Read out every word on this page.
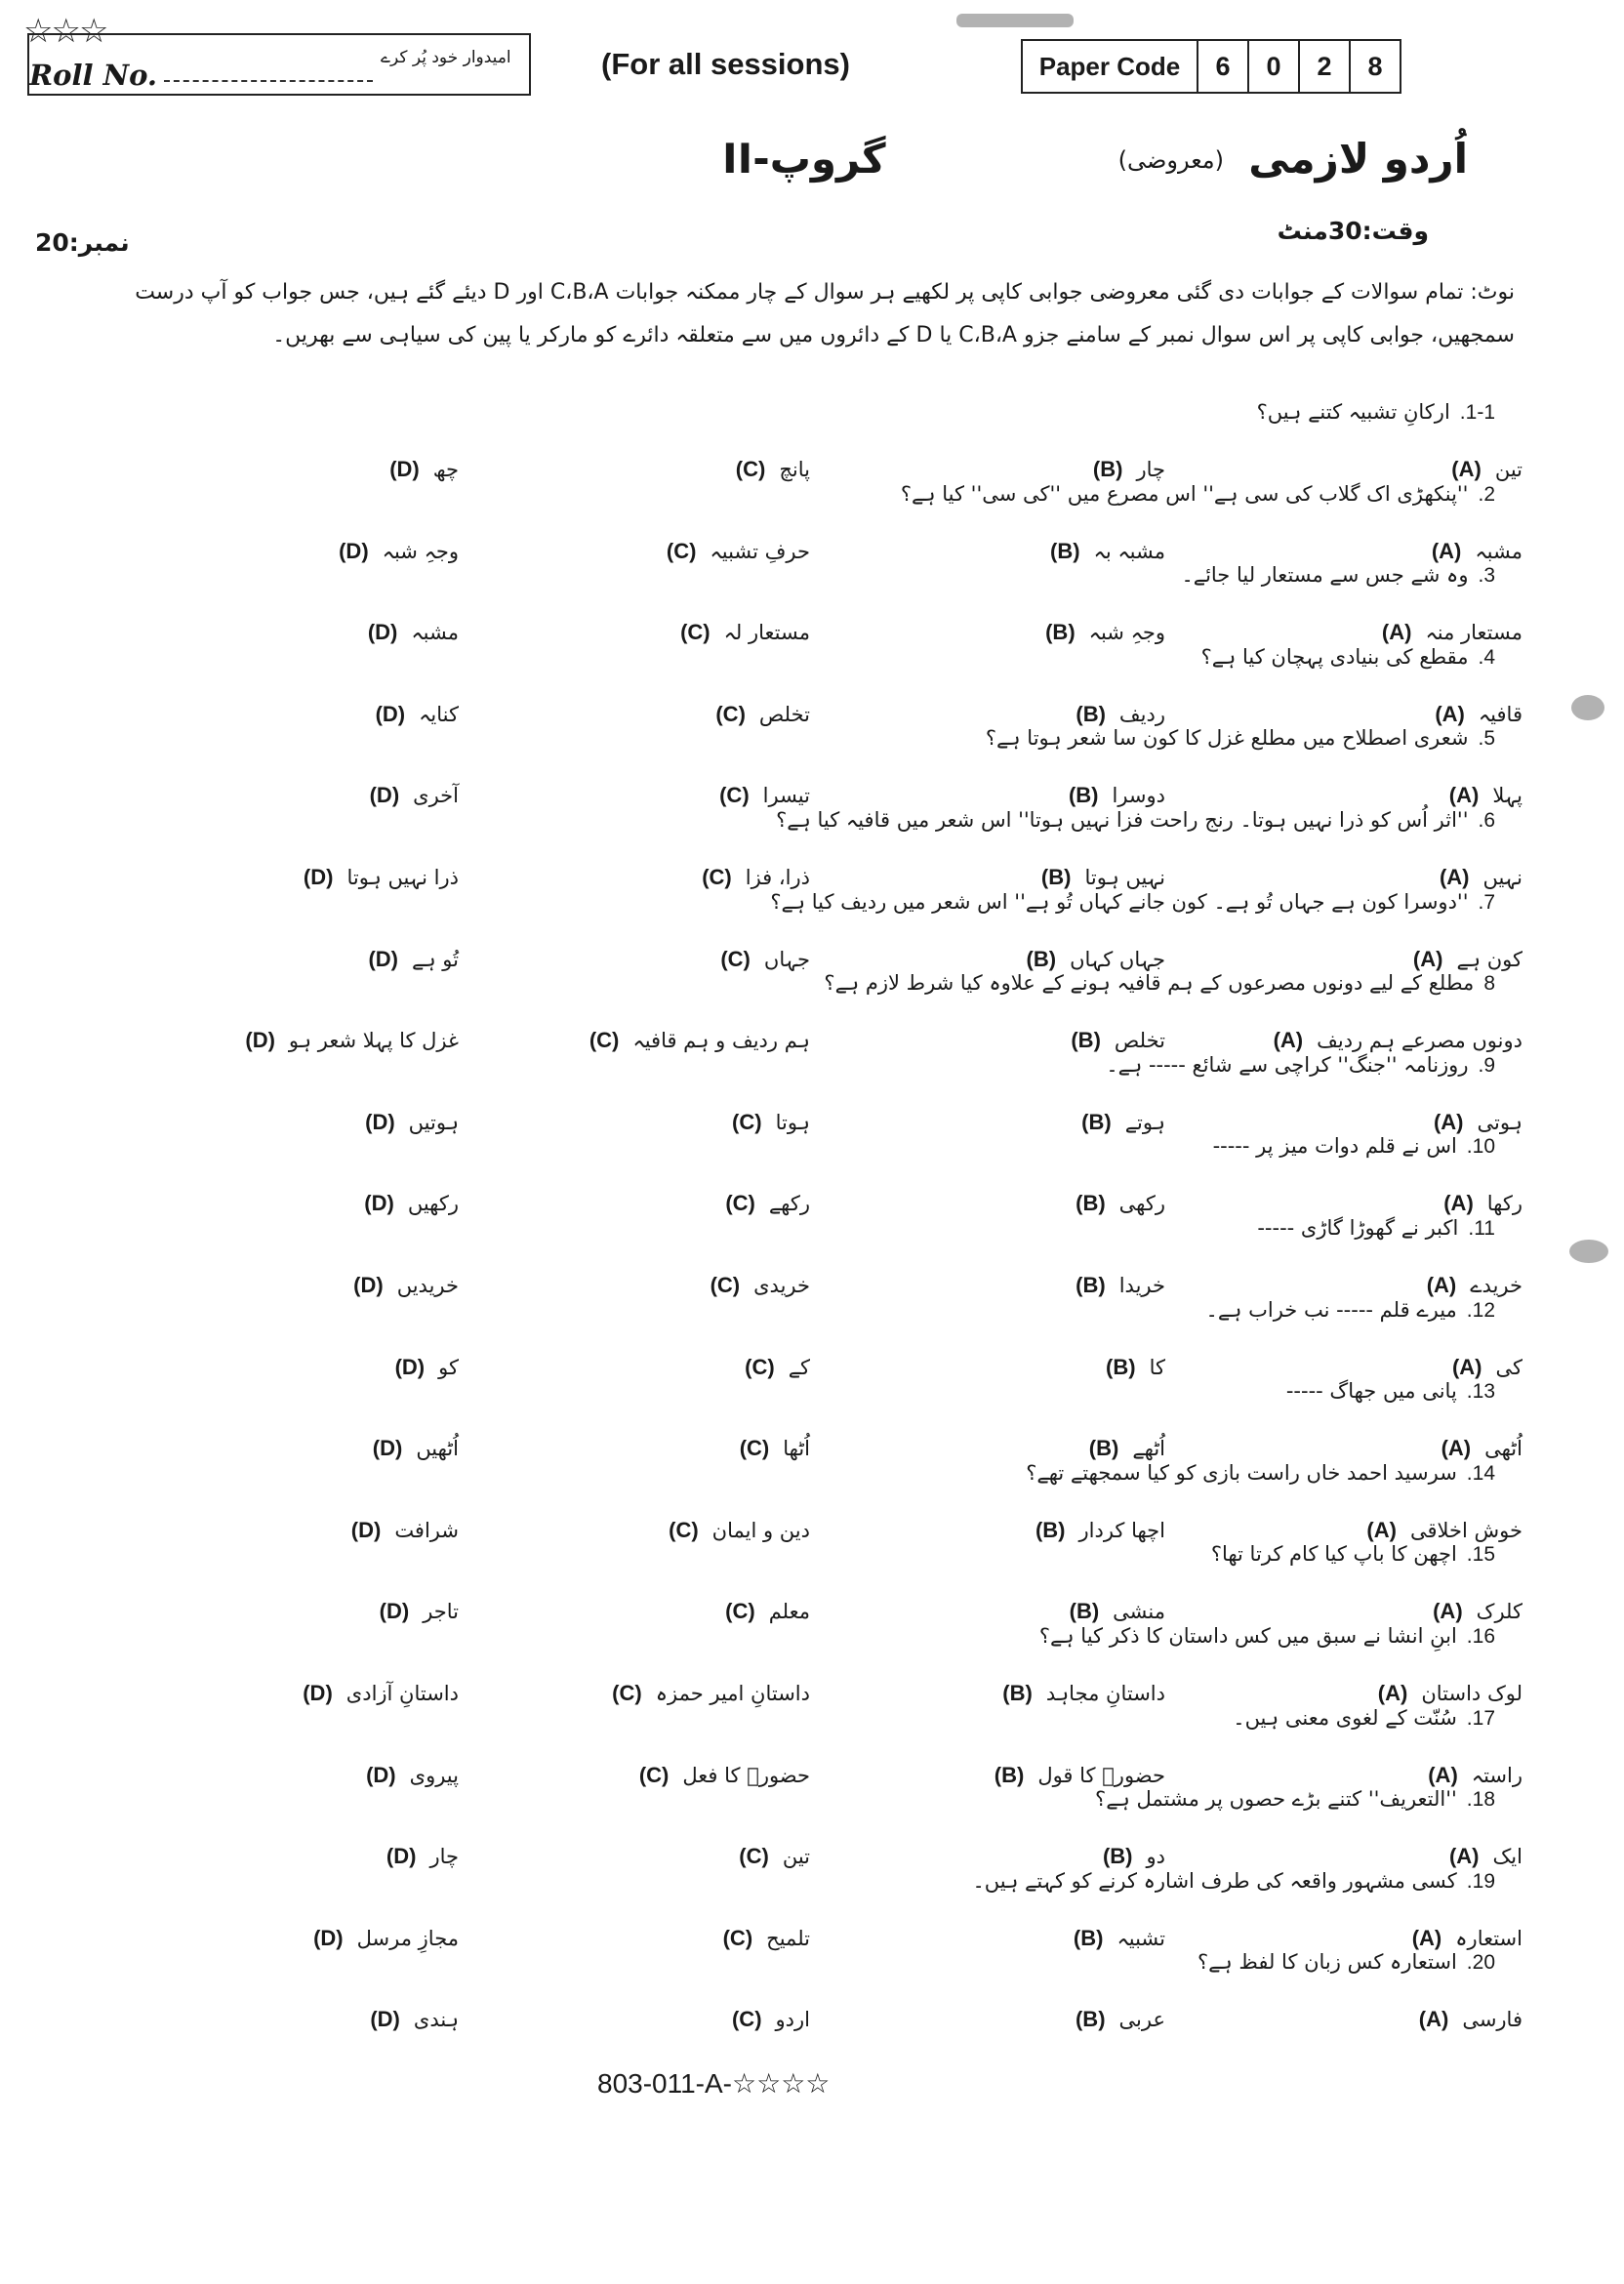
☆☆☆
Roll No.
امیدوار خود پُر کرے	(For all sessions)	Paper Code	6	0	2	8
اُردو لازمی
(معروضی)
گروپ-II
وقت:30منٹ
نمبر:20
نوٹ: تمام سوالات کے جوابات دی گئی معروضی جوابی کاپی پر لکھیے ہر سوال کے چار ممکنہ جوابات C،B،A اور D دیئے گئے ہیں، جس جواب کو آپ درست سمجھیں، جوابی کاپی پر اس سوال نمبر کے سامنے جزو C،B،A یا D کے دائروں میں سے متعلقہ دائرے کو مارکر یا پین کی سیاہی سے بھریں۔
1-1.ارکانِ تشبیہ کتنے ہیں؟
(A) تین
(B) چار
(C) پانچ
(D) چھ
2.''پنکھڑی اک گلاب کی سی ہے'' اس مصرع میں ''کی سی'' کیا ہے؟
(A) مشبہ
(B) مشبہ بہ
(C) حرفِ تشبیہ
(D) وجہِ شبہ
3.وہ شے جس سے مستعار لیا جائے۔
(A) مستعار منہ
(B) وجہِ شبہ
(C) مستعار لہ
(D) مشبہ
4.مقطع کی بنیادی پہچان کیا ہے؟
(A) قافیہ
(B) ردیف
(C) تخلص
(D) کنایہ
5.شعری اصطلاح میں مطلع غزل کا کون سا شعر ہوتا ہے؟
(A) پہلا
(B) دوسرا
(C) تیسرا
(D) آخری
6.''اثر اُس کو ذرا نہیں ہوتا۔ رنج راحت فزا نہیں ہوتا'' اس شعر میں قافیہ کیا ہے؟
(A) نہیں
(B) نہیں ہوتا
(C) ذرا، فزا
(D) ذرا نہیں ہوتا
7.''دوسرا کون ہے جہاں تُو ہے۔ کون جانے کہاں تُو ہے'' اس شعر میں ردیف کیا ہے؟
(A) کون ہے
(B) جہاں کہاں
(C) جہاں
(D) تُو ہے
8مطلع کے لیے دونوں مصرعوں کے ہم قافیہ ہونے کے علاوہ کیا شرط لازم ہے؟
(A) دونوں مصرعے ہم ردیف
(B) تخلص
(C) ہم ردیف و ہم قافیہ
(D) غزل کا پہلا شعر ہو
9.روزنامہ ''جنگ'' کراچی سے شائع ----- ہے۔
(A) ہوتی
(B) ہوتے
(C) ہوتا
(D) ہوتیں
10.اس نے قلم دوات میز پر -----
(A) رکھا
(B) رکھی
(C) رکھے
(D) رکھیں
11.اکبر نے گھوڑا گاڑی -----
(A) خریدے
(B) خریدا
(C) خریدی
(D) خریدیں
12.میرے قلم ----- نب خراب ہے۔
(A) کی
(B) کا
(C) کے
(D) کو
13.پانی میں جھاگ -----
(A) اُٹھی
(B) اُٹھے
(C) اُٹھا
(D) اُٹھیں
14.سرسید احمد خاں راست بازی کو کیا سمجھتے تھے؟
(A) خوش اخلاقی
(B) اچھا کردار
(C) دین و ایمان
(D) شرافت
15.اچھن کا باپ کیا کام کرتا تھا؟
(A) کلرک
(B) منشی
(C) معلم
(D) تاجر
16.ابنِ انشا نے سبق میں کس داستان کا ذکر کیا ہے؟
(A) لوک داستان
(B) داستانِ مجاہد
(C) داستانِ امیر حمزہ
(D) داستانِ آزادی
17.سُنّت کے لغوی معنی ہیں۔
(A) راستہ
(B) حضورؐ کا قول
(C) حضورؐ کا فعل
(D) پیروی
18.''التعریف'' کتنے بڑے حصوں پر مشتمل ہے؟
(A) ایک
(B) دو
(C) تین
(D) چار
19.کسی مشہور واقعہ کی طرف اشارہ کرنے کو کہتے ہیں۔
(A) استعارہ
(B) تشبیہ
(C) تلمیح
(D) مجازِ مرسل
20.استعارہ کس زبان کا لفظ ہے؟
(A) فارسی
(B) عربی
(C) اردو
(D) ہندی
803-011-A-☆☆☆☆
